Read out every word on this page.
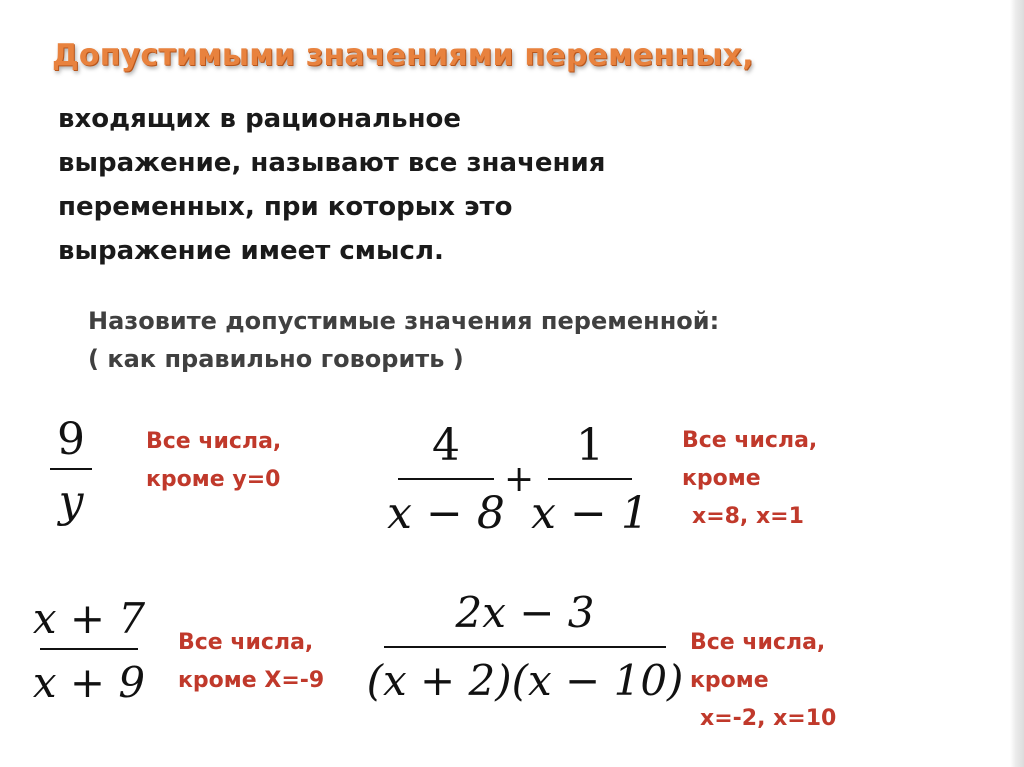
Допустимыми значениями переменных,
входящих в рациональное
выражение, называют все значения
переменных, при которых это
выражение имеет смысл.
Назовите допустимые значения переменной:
( как правильно говорить )
9
y
Все числа,
кроме у=0
4
x − 8
+
1
x − 1
Все числа,
кроме
х=8, х=1
x + 7
x + 9
Все числа,
кроме Х=-9
2x − 3
(x + 2)(x − 10)
Все числа,
кроме
х=-2, х=10
